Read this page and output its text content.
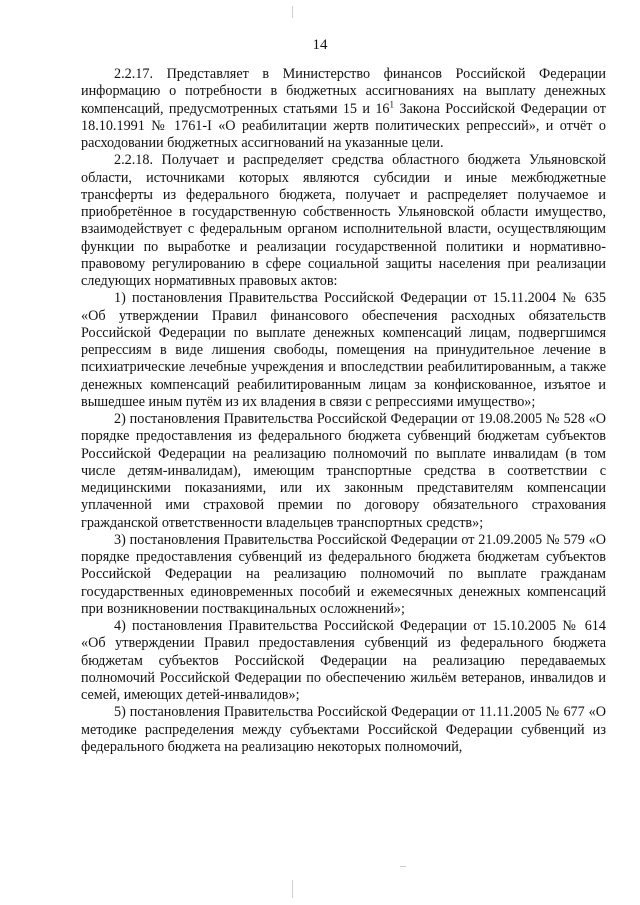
14

2.2.17. Представляет в Министерство финансов Российской Федерации информацию о потребности в бюджетных ассигнованиях на выплату денежных компенсаций, предусмотренных статьями 15 и $16^1$ Закона Российской Федерации от 18.10.1991 № 1761-I «О реабилитации жертв политических репрессий», и отчёт о расходовании бюджетных ассигнований на указанные цели.

2.2.18. Получает и распределяет средства областного бюджета Ульяновской области, источниками которых являются субсидии и иные межбюджетные трансферты из федерального бюджета, получает и распределяет получаемое и приобретённое в государственную собственность Ульяновской области имущество, взаимодействует с федеральным органом исполнительной власти, осуществляющим функции по выработке и реализации государственной политики и нормативно-правовому регулированию в сфере социальной защиты населения при реализации следующих нормативных правовых актов:

1) постановления Правительства Российской Федерации от 15.11.2004 № 635 «Об утверждении Правил финансового обеспечения расходных обязательств Российской Федерации по выплате денежных компенсаций лицам, подвергшимся репрессиям в виде лишения свободы, помещения на принудительное лечение в психиатрические лечебные учреждения и впоследствии реабилитированным, а также денежных компенсаций реабилитированным лицам за конфискованное, изъятое и вышедшее иным путём из их владения в связи с репрессиями имущество»;

2) постановления Правительства Российской Федерации от 19.08.2005 № 528 «О порядке предоставления из федерального бюджета субвенций бюджетам субъектов Российской Федерации на реализацию полномочий по выплате инвалидам (в том числе детям-инвалидам), имеющим транспортные средства в соответствии с медицинскими показаниями, или их законным представителям компенсации уплаченной ими страховой премии по договору обязательного страхования гражданской ответственности владельцев транспортных средств»;

3) постановления Правительства Российской Федерации от 21.09.2005 № 579 «О порядке предоставления субвенций из федерального бюджета бюджетам субъектов Российской Федерации на реализацию полномочий по выплате гражданам государственных единовременных пособий и ежемесячных денежных компенсаций при возникновении поствакцинальных осложнений»;

4) постановления Правительства Российской Федерации от 15.10.2005 № 614 «Об утверждении Правил предоставления субвенций из федерального бюджета бюджетам субъектов Российской Федерации на реализацию передаваемых полномочий Российской Федерации по обеспечению жильём ветеранов, инвалидов и семей, имеющих детей-инвалидов»;

5) постановления Правительства Российской Федерации от 11.11.2005 № 677 «О методике распределения между субъектами Российской Федерации субвенций из федерального бюджета на реализацию некоторых полномочий,
